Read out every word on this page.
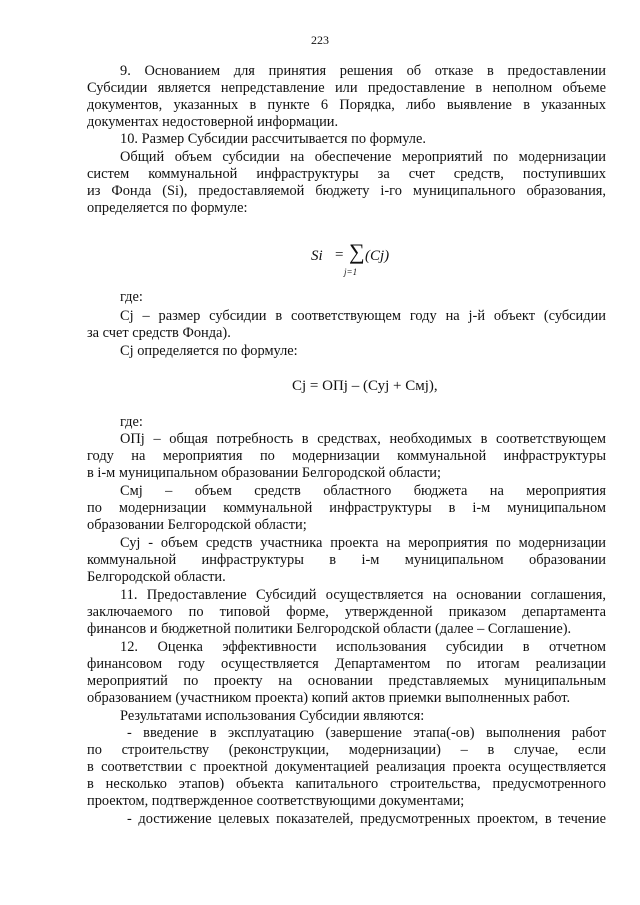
223
9. Основанием для принятия решения об отказе в предоставлении
Субсидии является непредставление или предоставление в неполном объеме
документов, указанных в пункте 6 Порядка, либо выявление в указанных
документах недостоверной информации.
10. Размер Субсидии рассчитывается по формуле.
Общий объем субсидии на обеспечение мероприятий по модернизации
систем коммунальной инфраструктуры за счет средств, поступивших
из Фонда (Si), предоставляемой бюджету i-го муниципального образования,
определяется по формуле:
Si = ∑ (Cj)
j=1
где:
Cj – размер субсидии в соответствующем году на j-й объект (субсидии
за счет средств Фонда).
Cj определяется по формуле:
Cj = ОПj – (Суj + Смj),
где:
ОПj – общая потребность в средствах, необходимых в соответствующем
году на мероприятия по модернизации коммунальной инфраструктуры
в i-м муниципальном образовании Белгородской области;
Смj – объем средств областного бюджета на мероприятия
по модернизации коммунальной инфраструктуры в i-м муниципальном
образовании Белгородской области;
Суj - объем средств участника проекта на мероприятия по модернизации
коммунальной инфраструктуры в i-м муниципальном образовании
Белгородской области.
11. Предоставление Субсидий осуществляется на основании соглашения,
заключаемого по типовой форме, утвержденной приказом департамента
финансов и бюджетной политики Белгородской области (далее – Соглашение).
12. Оценка эффективности использования субсидии в отчетном
финансовом году осуществляется Департаментом по итогам реализации
мероприятий по проекту на основании представляемых муниципальным
образованием (участником проекта) копий актов приемки выполненных работ.
Результатами использования Субсидии являются:
- введение в эксплуатацию (завершение этапа(-ов) выполнения работ
по строительству (реконструкции, модернизации) – в случае, если
в соответствии с проектной документацией реализация проекта осуществляется
в несколько этапов) объекта капитального строительства, предусмотренного
проектом, подтвержденное соответствующими документами;
- достижение целевых показателей, предусмотренных проектом, в течение
